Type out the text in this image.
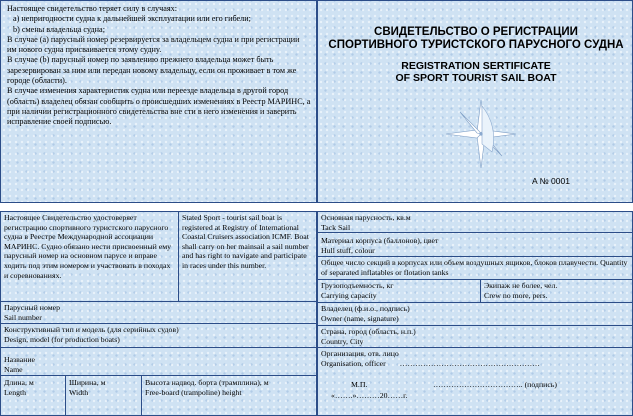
Настоящее свидетельство теряет силу в случаях:

а) непригодности судна к дальнейшей эксплуатации или его гибели;

b) смены владельца судна;

В случае (а) парусный номер резервируется за владельцем судна и при регистрации им нового судна присваивается этому судну.

В случае (b) парусный номер по заявлению прежнего владельца может быть зарезервирован за ним или передан новому владельцу, если он проживает в том же городе (области).

В случае изменения характеристик судна или переезде владельца в другой город (область) владелец обязан сообщить о происшедших изменениях в Реестр МАРИНС, а при наличии регистрационного свидетельства вне сти в него изменения и заверить исправление своей подписью.

СВИДЕТЕЛЬСТВО О РЕГИСТРАЦИИ
СПОРТИВНОГО ТУРИСТСКОГО ПАРУСНОГО СУДНА
REGISTRATION SERTIFICATE
OF SPORT TOURIST SAIL BOAT
A № 0001
Настоящее Свидетельство удостоверяет регистрацию спортивного туристского парусного судна в Реестре Международной ассоциации МАРИНС. Судно обязано нести присвоенный ему парусный номер на основном парусе и вправе ходить под этим номером и участвовать в походах и соревнованиях.
Stated Sport - tourist sail boat is registered at Registry of International Coastal Cruisers association ICMF. Boat shall carry on her mainsail a sail number and has right to navigate and participate in races under this number.
Парусный номер
Sail number
Конструктивный тип и модель (для серийных судов)
Design, model (for production boats)
Название
Name
Длина, м
Length
Ширина, м
Width
Высота надвод. борта (трамплина), м
Free-board (trampoline) height
Основная парусность, кв.м
Tack Sail
Материал корпуса (баллонов), цвет
Hull stuff, colour
Общее число секций в корпусах или объем воздушных ящиков, блоков плавучести. Quantity of separated inflatables or flotation tanks
Грузоподъемность, кг
Carrying capacity
Экипаж не более, чел.
Crew no more, pers.
Владелец (ф.и.о., подпись)
Owner (name, signature)
Страна, город (область, н.п.)
Country, City
Организация, отв. лицо
Organisation, officer ………………………………………………
М.П.	…………………………….. (подпись)
«…….»………20……г.
